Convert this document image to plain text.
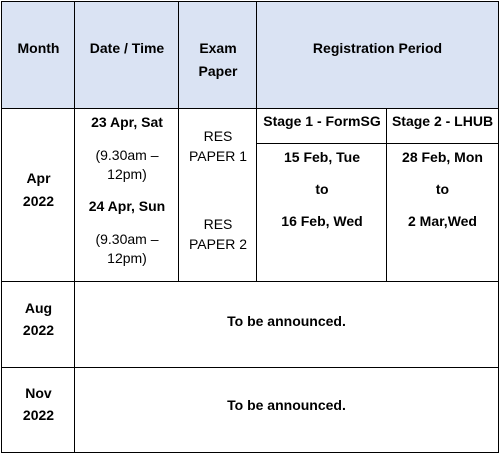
Month	Date / Time	Exam
Paper
Registration Period
Apr
2022
23 Apr, Sat
(9.30am –
12pm)
24 Apr, Sun
(9.30am –
12pm)
RES
PAPER 1
RES
PAPER 2
Stage 1 - FormSG
15 Feb, Tue
to
16 Feb, Wed
Stage 2 - LHUB
28 Feb, Mon
to
2 Mar,Wed
Aug
2022
To be announced.
Nov
2022
To be announced.
